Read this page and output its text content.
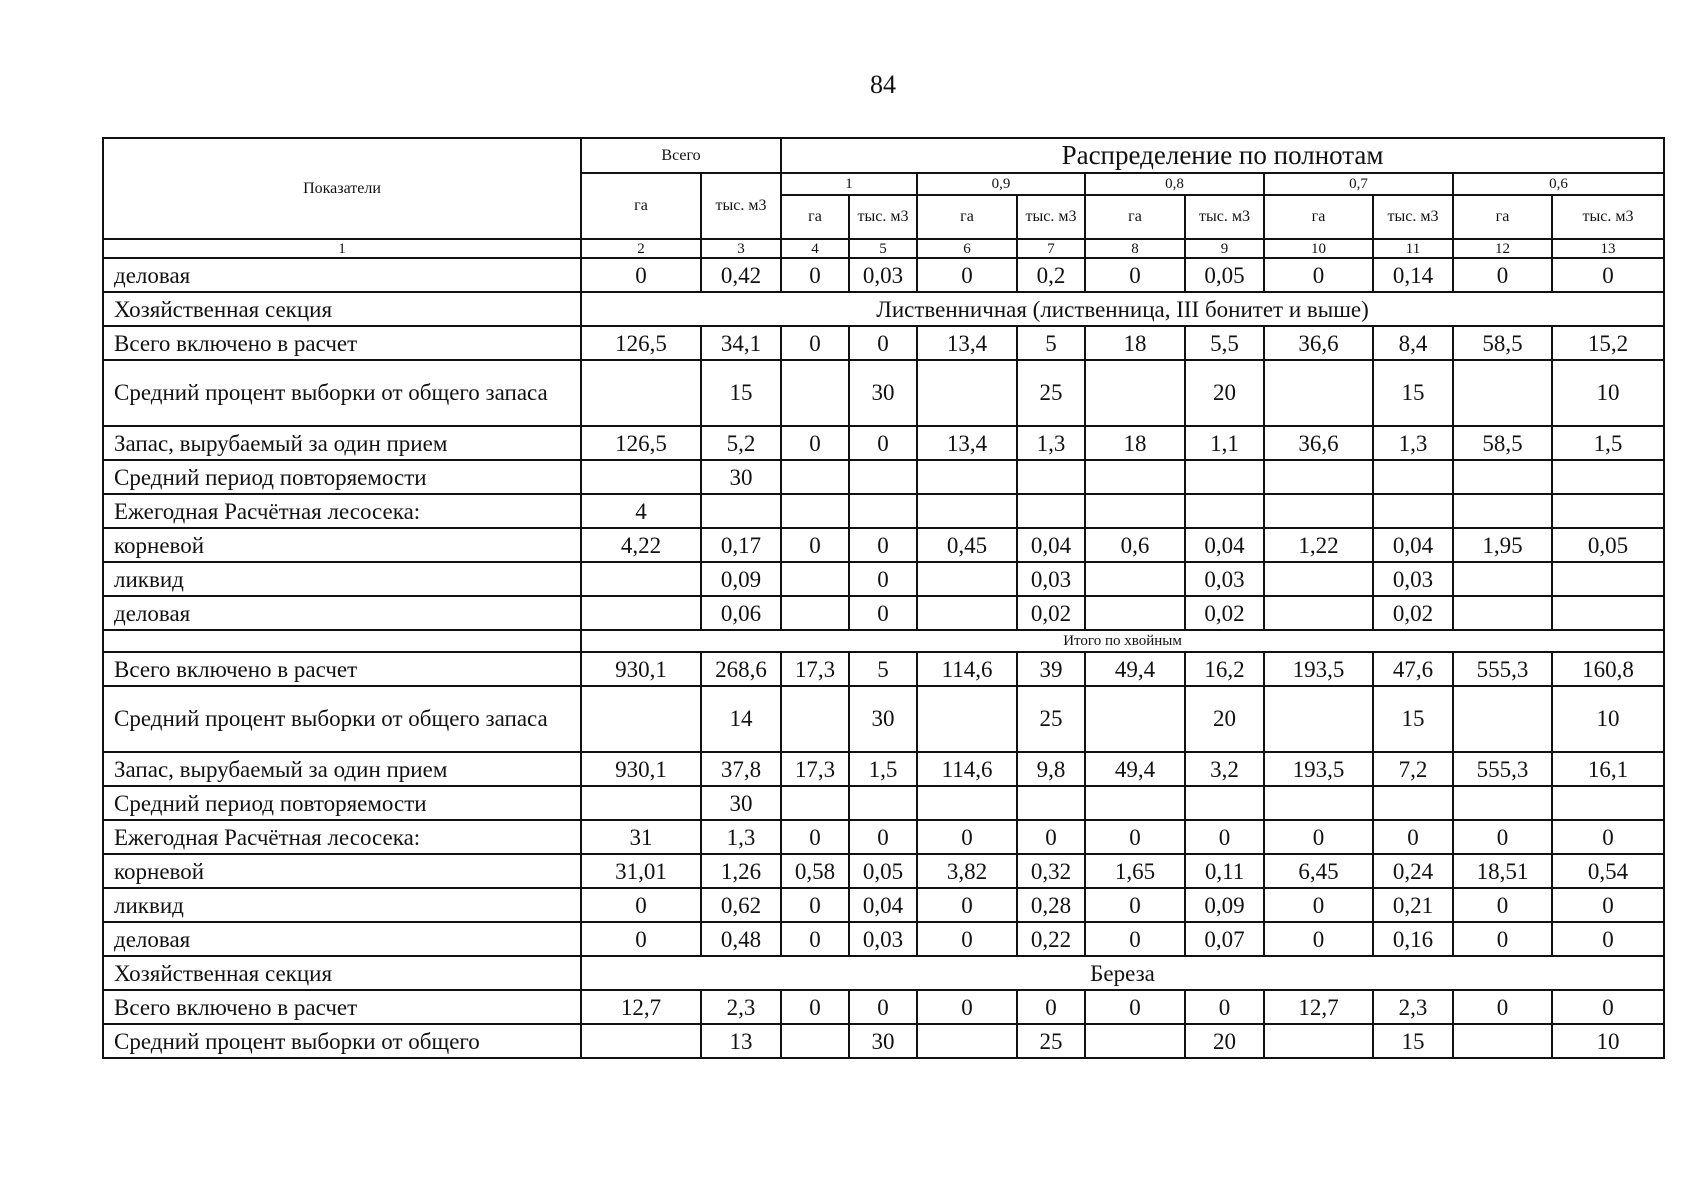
84
Показатели	Всего		Распределение по полнотам									
	га	тыс. м3	1		0,9		0,8		0,7		0,6	
			га	тыс. м3	га	тыс. м3	га	тыс. м3	га	тыс. м3	га	тыс. м3
1	2	3	4	5	6	7	8	9	10	11	12	13
деловая	0	0,42	0	0,03	0	0,2	0	0,05	0	0,14	0	0
Хозяйственная секция	Лиственничная (лиственница, III бонитет и выше)											
Всего включено в расчет	126,5	34,1	0	0	13,4	5	18	5,5	36,6	8,4	58,5	15,2
Средний процент выборки от общего запаса		15		30		25		20		15		10
Запас, вырубаемый за один прием	126,5	5,2	0	0	13,4	1,3	18	1,1	36,6	1,3	58,5	1,5
Средний период повторяемости		30										
Ежегодная Расчётная лесосека:	4											
корневой	4,22	0,17	0	0	0,45	0,04	0,6	0,04	1,22	0,04	1,95	0,05
ликвид		0,09		0		0,03		0,03		0,03		
деловая		0,06		0		0,02		0,02		0,02		
	Итого по хвойным											
Всего включено в расчет	930,1	268,6	17,3	5	114,6	39	49,4	16,2	193,5	47,6	555,3	160,8
Средний процент выборки от общего запаса		14		30		25		20		15		10
Запас, вырубаемый за один прием	930,1	37,8	17,3	1,5	114,6	9,8	49,4	3,2	193,5	7,2	555,3	16,1
Средний период повторяемости		30										
Ежегодная Расчётная лесосека:	31	1,3	0	0	0	0	0	0	0	0	0	0
корневой	31,01	1,26	0,58	0,05	3,82	0,32	1,65	0,11	6,45	0,24	18,51	0,54
ликвид	0	0,62	0	0,04	0	0,28	0	0,09	0	0,21	0	0
деловая	0	0,48	0	0,03	0	0,22	0	0,07	0	0,16	0	0
Хозяйственная секция	Береза											
Всего включено в расчет	12,7	2,3	0	0	0	0	0	0	12,7	2,3	0	0
Средний процент выборки от общего		13		30		25		20		15		10
